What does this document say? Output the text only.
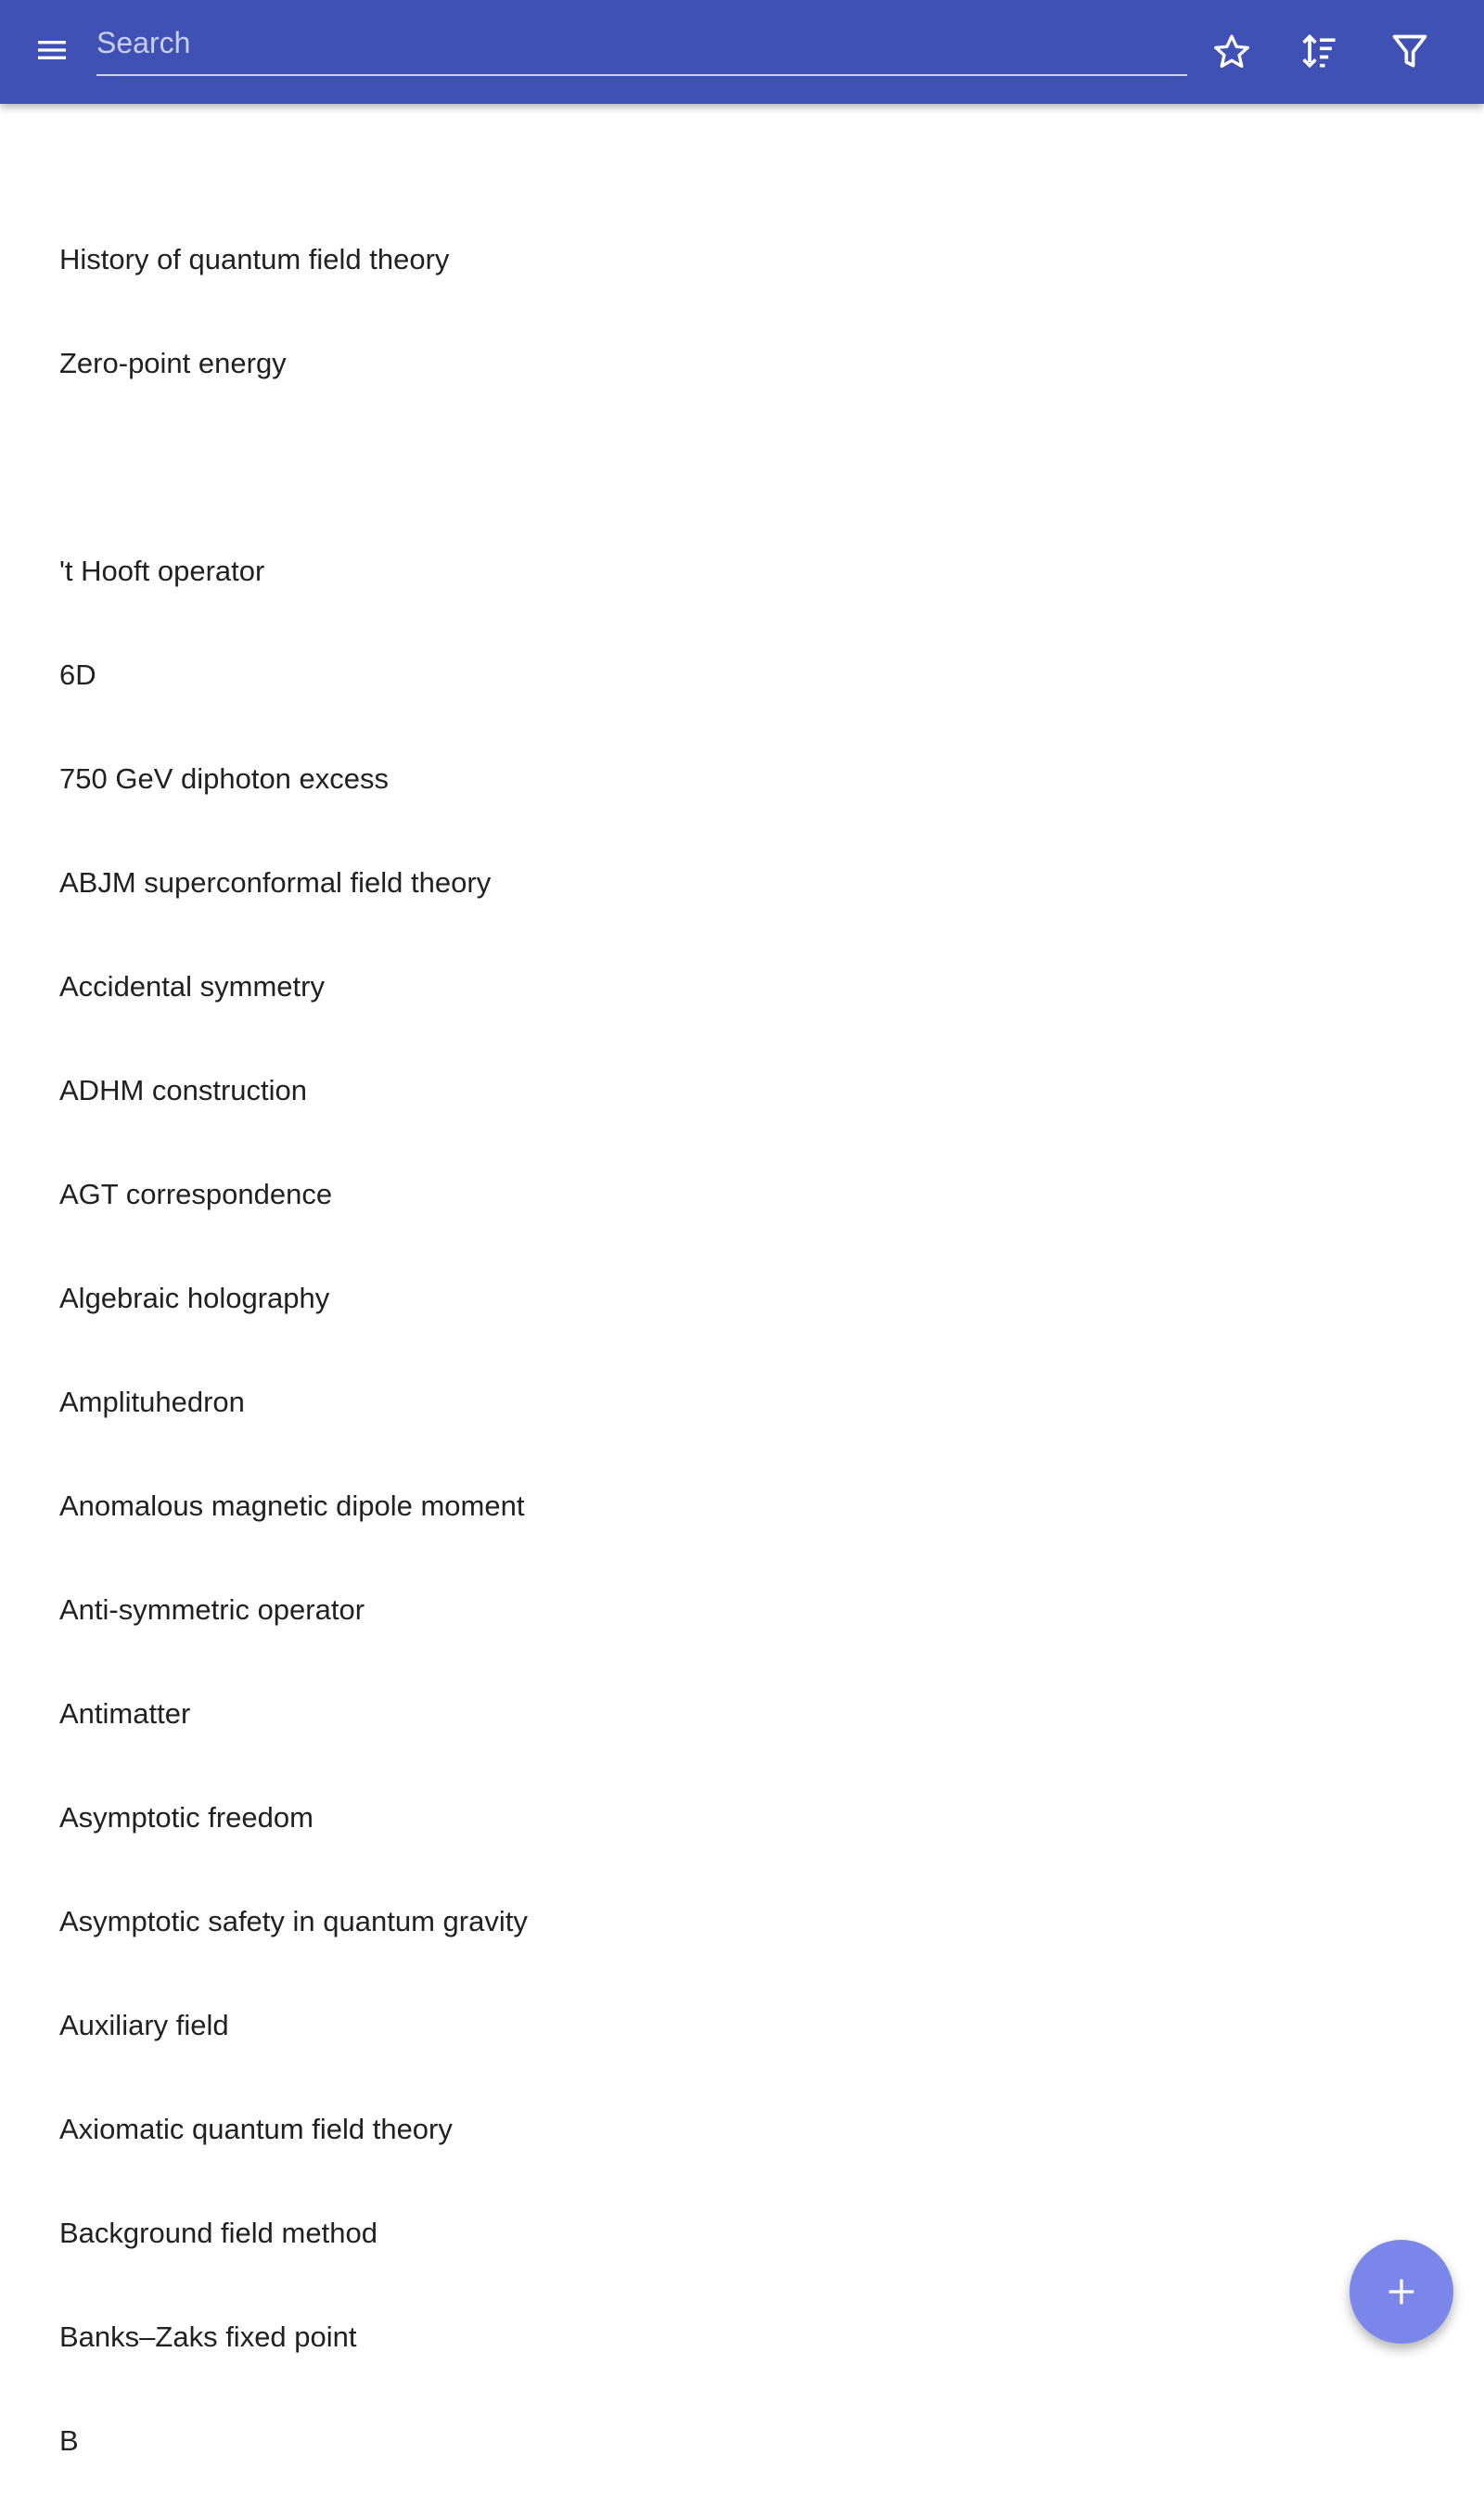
Search
History of quantum field theory
Zero-point energy
't Hooft operator
6D
750 GeV diphoton excess
ABJM superconformal field theory
Accidental symmetry
ADHM construction
AGT correspondence
Algebraic holography
Amplituhedron
Anomalous magnetic dipole moment
Anti-symmetric operator
Antimatter
Asymptotic freedom
Asymptotic safety in quantum gravity
Auxiliary field
Axiomatic quantum field theory
Background field method
Banks–Zaks fixed point
B
